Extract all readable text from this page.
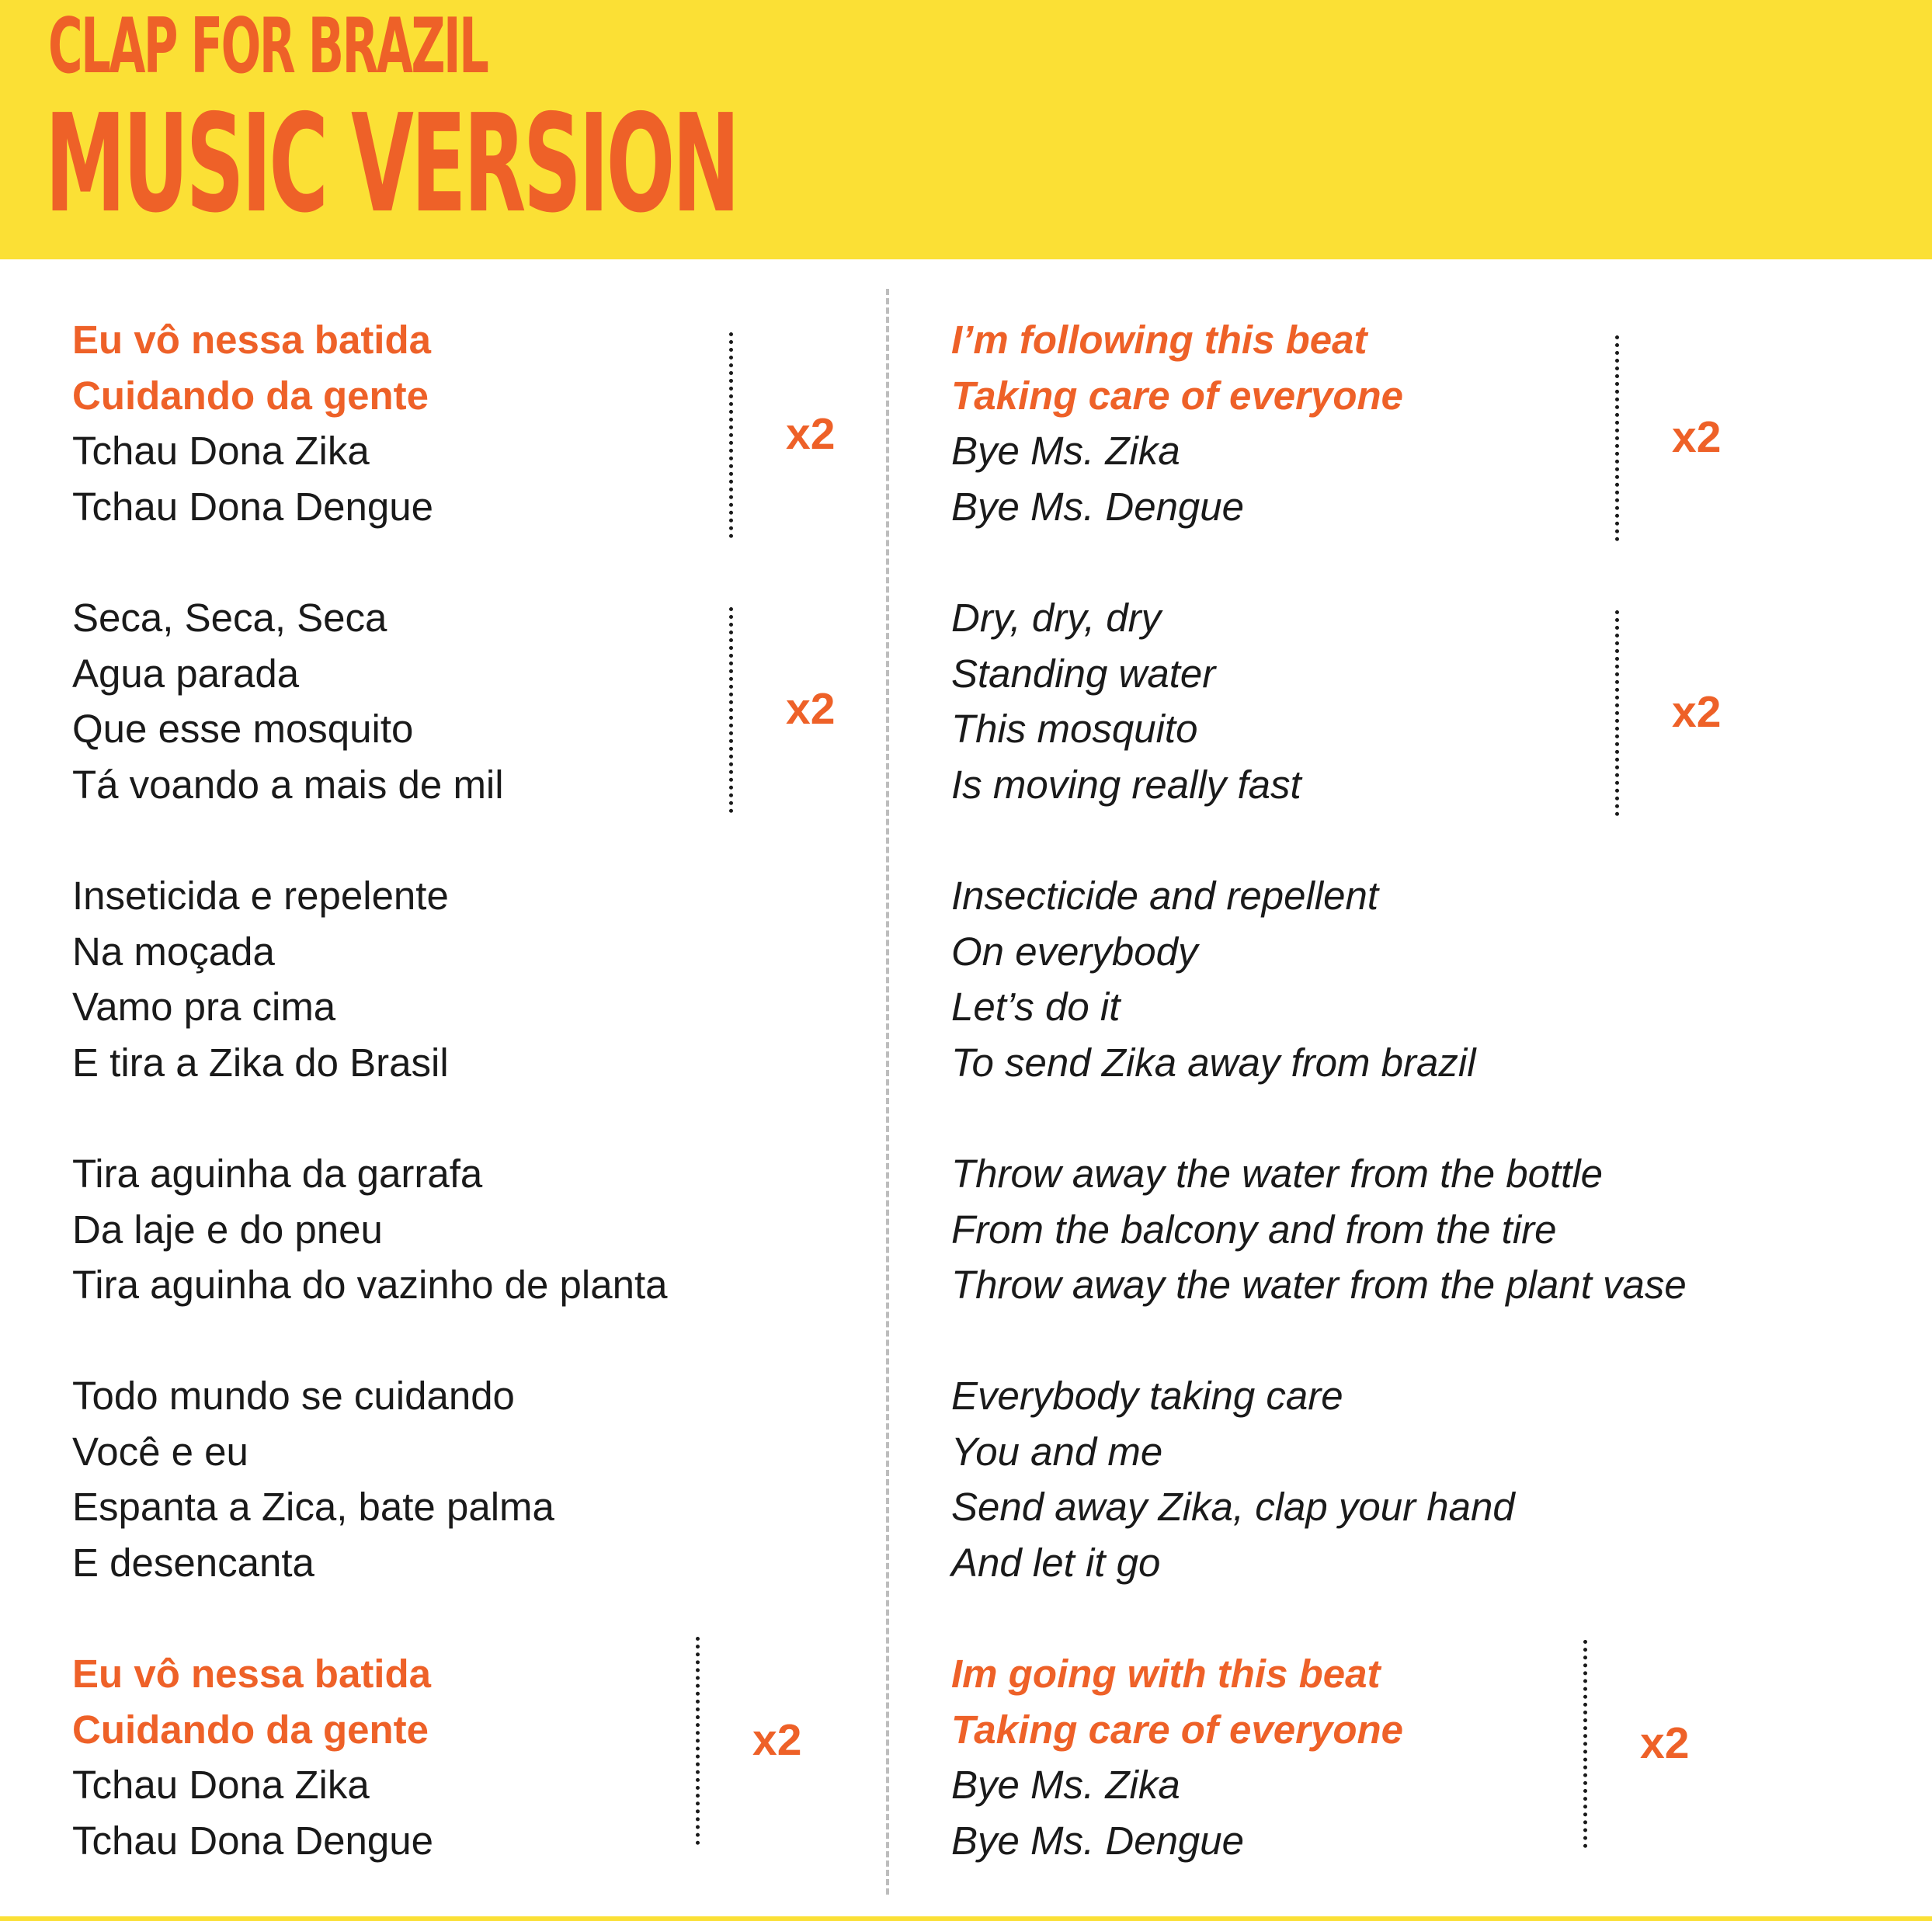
CLAP FOR BRAZIL
MUSIC VERSION
Eu vô nessa batida
Cuidando da gente
Tchau Dona Zika
Tchau Dona Dengue
x2
Seca, Seca, Seca
Agua parada
Que esse mosquito
Tá voando a mais de mil
x2
Inseticida e repelente
Na moçada
Vamo pra cima
E tira a Zika do Brasil
Tira aguinha da garrafa
Da laje e do pneu
Tira aguinha do vazinho de planta
Todo mundo se cuidando
Você e eu
Espanta a Zica, bate palma
E desencanta
Eu vô nessa batida
Cuidando da gente
Tchau Dona Zika
Tchau Dona Dengue
x2
I’m following this beat
Taking care of everyone
Bye Ms. Zika
Bye Ms. Dengue
x2
Dry, dry, dry
Standing water
This mosquito
Is moving really fast
x2
Insecticide and repellent
On everybody
Let’s do it
To send Zika away from brazil
Throw away the water from the bottle
From the balcony and from the tire
Throw away the water from the plant vase
Everybody taking care
You and me
Send away Zika, clap your hand
And let it go
Im going with this beat
Taking care of everyone
Bye Ms. Zika
Bye Ms. Dengue
x2
